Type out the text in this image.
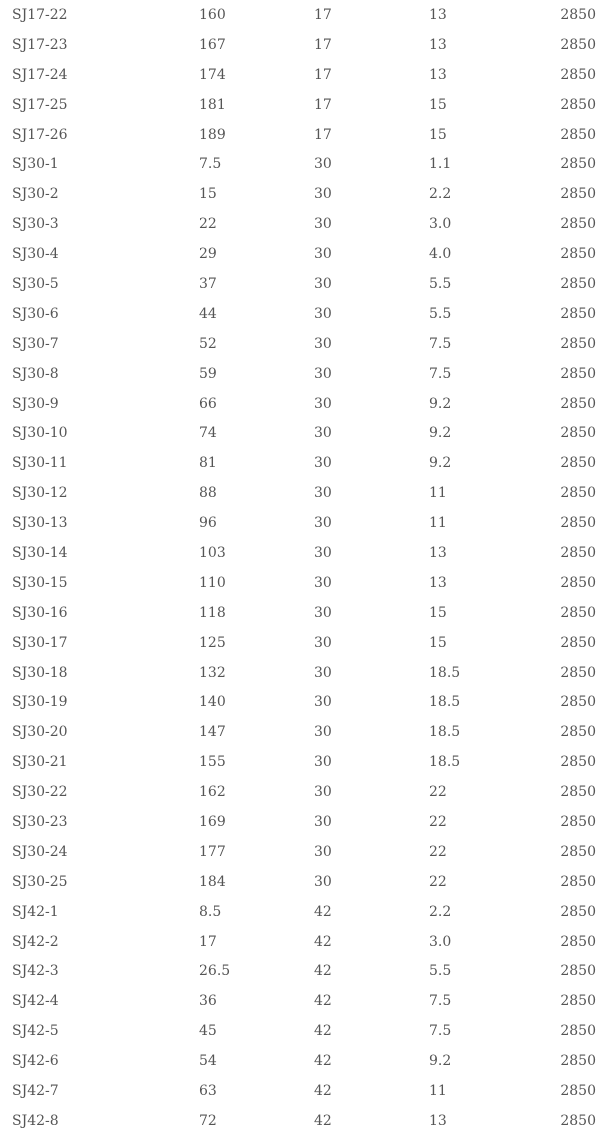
SJ17-22	160	17	13	2850
SJ17-23	167	17	13	2850
SJ17-24	174	17	13	2850
SJ17-25	181	17	15	2850
SJ17-26	189	17	15	2850
SJ30-1	7.5	30	1.1	2850
SJ30-2	15	30	2.2	2850
SJ30-3	22	30	3.0	2850
SJ30-4	29	30	4.0	2850
SJ30-5	37	30	5.5	2850
SJ30-6	44	30	5.5	2850
SJ30-7	52	30	7.5	2850
SJ30-8	59	30	7.5	2850
SJ30-9	66	30	9.2	2850
SJ30-10	74	30	9.2	2850
SJ30-11	81	30	9.2	2850
SJ30-12	88	30	11	2850
SJ30-13	96	30	11	2850
SJ30-14	103	30	13	2850
SJ30-15	110	30	13	2850
SJ30-16	118	30	15	2850
SJ30-17	125	30	15	2850
SJ30-18	132	30	18.5	2850
SJ30-19	140	30	18.5	2850
SJ30-20	147	30	18.5	2850
SJ30-21	155	30	18.5	2850
SJ30-22	162	30	22	2850
SJ30-23	169	30	22	2850
SJ30-24	177	30	22	2850
SJ30-25	184	30	22	2850
SJ42-1	8.5	42	2.2	2850
SJ42-2	17	42	3.0	2850
SJ42-3	26.5	42	5.5	2850
SJ42-4	36	42	7.5	2850
SJ42-5	45	42	7.5	2850
SJ42-6	54	42	9.2	2850
SJ42-7	63	42	11	2850
SJ42-8	72	42	13	2850
